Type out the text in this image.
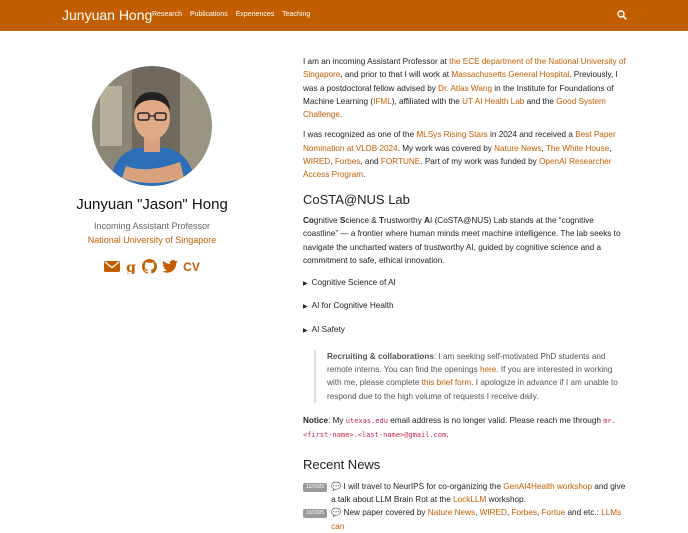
Junyuan Hong Research Publications Experiences Teaching
Junyuan "Jason" Hong
Incoming Assistant Professor
National University of Singapore
g	CV

I am an incoming Assistant Professor at the ECE department of the National University of Singapore, and prior to that I will work at Massachusetts General Hospital. Previously, I was a postdoctoral fellow advised by Dr. Atlas Wang in the Institute for Foundations of Machine Learning (IFML), affiliated with the UT AI Health Lab and the Good System Challenge.

I was recognized as one of the MLSys Rising Stars in 2024 and received a Best Paper Nomination at VLDB 2024. My work was covered by Nature News, The White House, WIRED, Forbes, and FORTUNE. Part of my work was funded by OpenAI Researcher Access Program.

CoSTA@NUS Lab

Cognitive Science & Trustworthy AI (CoSTA@NUS) Lab stands at the “cognitive coastline” — a frontier where human minds meet machine intelligence. The lab seeks to navigate the uncharted waters of trustworthy AI, guided by cognitive science and a commitment to safe, ethical innovation.

▶ Cognitive Science of AI
▶ AI for Cognitive Health
▶ AI Safety
Recruiting & collaborations: I am seeking self-motivated PhD students and remote interns. You can find the openings here. If you are interested in working with me, please complete this brief form. I apologize in advance if I am unable to respond due to the high volume of requests I receive daily.

Notice: My utexas.edu email address is no longer valid. Please reach me through mr.<first-name>.<last-name>@gmail.com.

Recent News
12/2025 💬 I will travel to NeurIPS for co-organizing the GenAI4Health workshop and give a talk about LLM Brain Rot at the LockLLM workshop.
10/2025 💬 New paper covered by Nature News, WIRED, Forbes, Fortue and etc.: LLMs can
